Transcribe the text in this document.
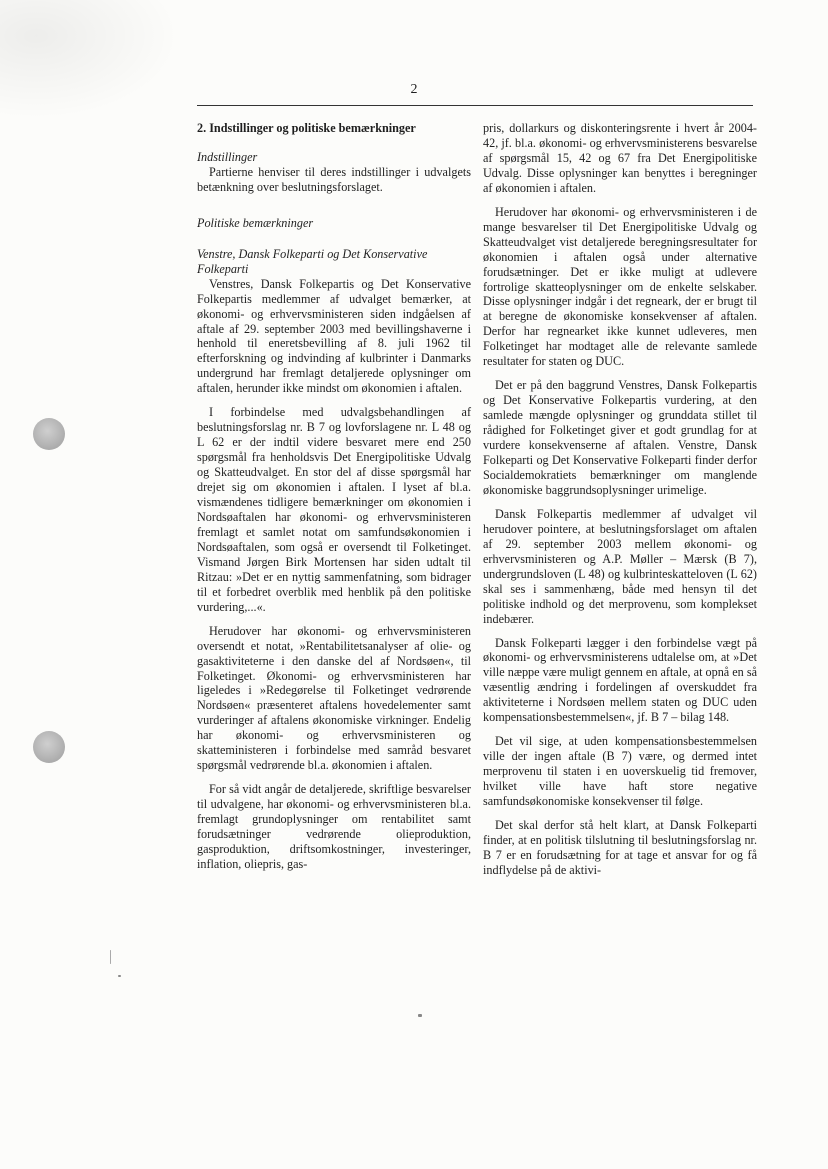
2
2. Indstillinger og politiske bemærkninger
Indstillinger

Partierne henviser til deres indstillinger i udvalgets betænkning over beslutningsforslaget.

Politiske bemærkninger
Venstre, Dansk Folkeparti og Det Konservative Folkeparti

Venstres, Dansk Folkepartis og Det Konservative Folkepartis medlemmer af udvalget bemærker, at økonomi- og erhvervsministeren siden indgåelsen af aftale af 29. september 2003 med bevillingshaverne i henhold til eneretsbevilling af 8. juli 1962 til efterforskning og indvinding af kulbrinter i Danmarks undergrund har fremlagt detaljerede oplysninger om aftalen, herunder ikke mindst om økonomien i aftalen.

I forbindelse med udvalgsbehandlingen af beslutningsforslag nr. B 7 og lovforslagene nr. L 48 og L 62 er der indtil videre besvaret mere end 250 spørgsmål fra henholdsvis Det Energipolitiske Udvalg og Skatteudvalget. En stor del af disse spørgsmål har drejet sig om økonomien i aftalen. I lyset af bl.a. vismændenes tidligere bemærkninger om økonomien i Nordsøaftalen har økonomi- og erhvervsministeren fremlagt et samlet notat om samfundsøkonomien i Nordsøaftalen, som også er oversendt til Folketinget. Vismand Jørgen Birk Mortensen har siden udtalt til Ritzau: »Det er en nyttig sammenfatning, som bidrager til et forbedret overblik med henblik på den politiske vurdering,...«.

Herudover har økonomi- og erhvervsministeren oversendt et notat, »Rentabilitetsanalyser af olie- og gasaktiviteterne i den danske del af Nordsøen«, til Folketinget. Økonomi- og erhvervsministeren har ligeledes i »Redegørelse til Folketinget vedrørende Nordsøen« præsenteret aftalens hovedelementer samt vurderinger af aftalens økonomiske virkninger. Endelig har økonomi- og erhvervsministeren og skatteministeren i forbindelse med samråd besvaret spørgsmål vedrørende bl.a. økonomien i aftalen.

For så vidt angår de detaljerede, skriftlige besvarelser til udvalgene, har økonomi- og erhvervsministeren bl.a. fremlagt grundoplysninger om rentabilitet samt forudsætninger vedrørende olieproduktion, gasproduktion, driftsomkostninger, investeringer, inflation, oliepris, gas-

pris, dollarkurs og diskonteringsrente i hvert år 2004-42, jf. bl.a. økonomi- og erhvervsministerens besvarelse af spørgsmål 15, 42 og 67 fra Det Energipolitiske Udvalg. Disse oplysninger kan benyttes i beregninger af økonomien i aftalen.

Herudover har økonomi- og erhvervsministeren i de mange besvarelser til Det Energipolitiske Udvalg og Skatteudvalget vist detaljerede beregningsresultater for økonomien i aftalen også under alternative forudsætninger. Det er ikke muligt at udlevere fortrolige skatteoplysninger om de enkelte selskaber. Disse oplysninger indgår i det regneark, der er brugt til at beregne de økonomiske konsekvenser af aftalen. Derfor har regnearket ikke kunnet udleveres, men Folketinget har modtaget alle de relevante samlede resultater for staten og DUC.

Det er på den baggrund Venstres, Dansk Folkepartis og Det Konservative Folkepartis vurdering, at den samlede mængde oplysninger og grunddata stillet til rådighed for Folketinget giver et godt grundlag for at vurdere konsekvenserne af aftalen. Venstre, Dansk Folkeparti og Det Konservative Folkeparti finder derfor Socialdemokratiets bemærkninger om manglende økonomiske baggrundsoplysninger urimelige.

Dansk Folkepartis medlemmer af udvalget vil herudover pointere, at beslutningsforslaget om aftalen af 29. september 2003 mellem økonomi- og erhvervsministeren og A.P. Møller – Mærsk (B 7), undergrundsloven (L 48) og kulbrinteskatteloven (L 62) skal ses i sammenhæng, både med hensyn til det politiske indhold og det merprovenu, som komplekset indebærer.

Dansk Folkeparti lægger i den forbindelse vægt på økonomi- og erhvervsministerens udtalelse om, at »Det ville næppe være muligt gennem en aftale, at opnå en så væsentlig ændring i fordelingen af overskuddet fra aktiviteterne i Nordsøen mellem staten og DUC uden kompensationsbestemmelsen«, jf. B 7 – bilag 148.

Det vil sige, at uden kompensationsbestemmelsen ville der ingen aftale (B 7) være, og dermed intet merprovenu til staten i en uoverskuelig tid fremover, hvilket ville have haft store negative samfundsøkonomiske konsekvenser til følge.

Det skal derfor stå helt klart, at Dansk Folkeparti finder, at en politisk tilslutning til beslutningsforslag nr. B 7 er en forudsætning for at tage et ansvar for og få indflydelse på de aktivi-
